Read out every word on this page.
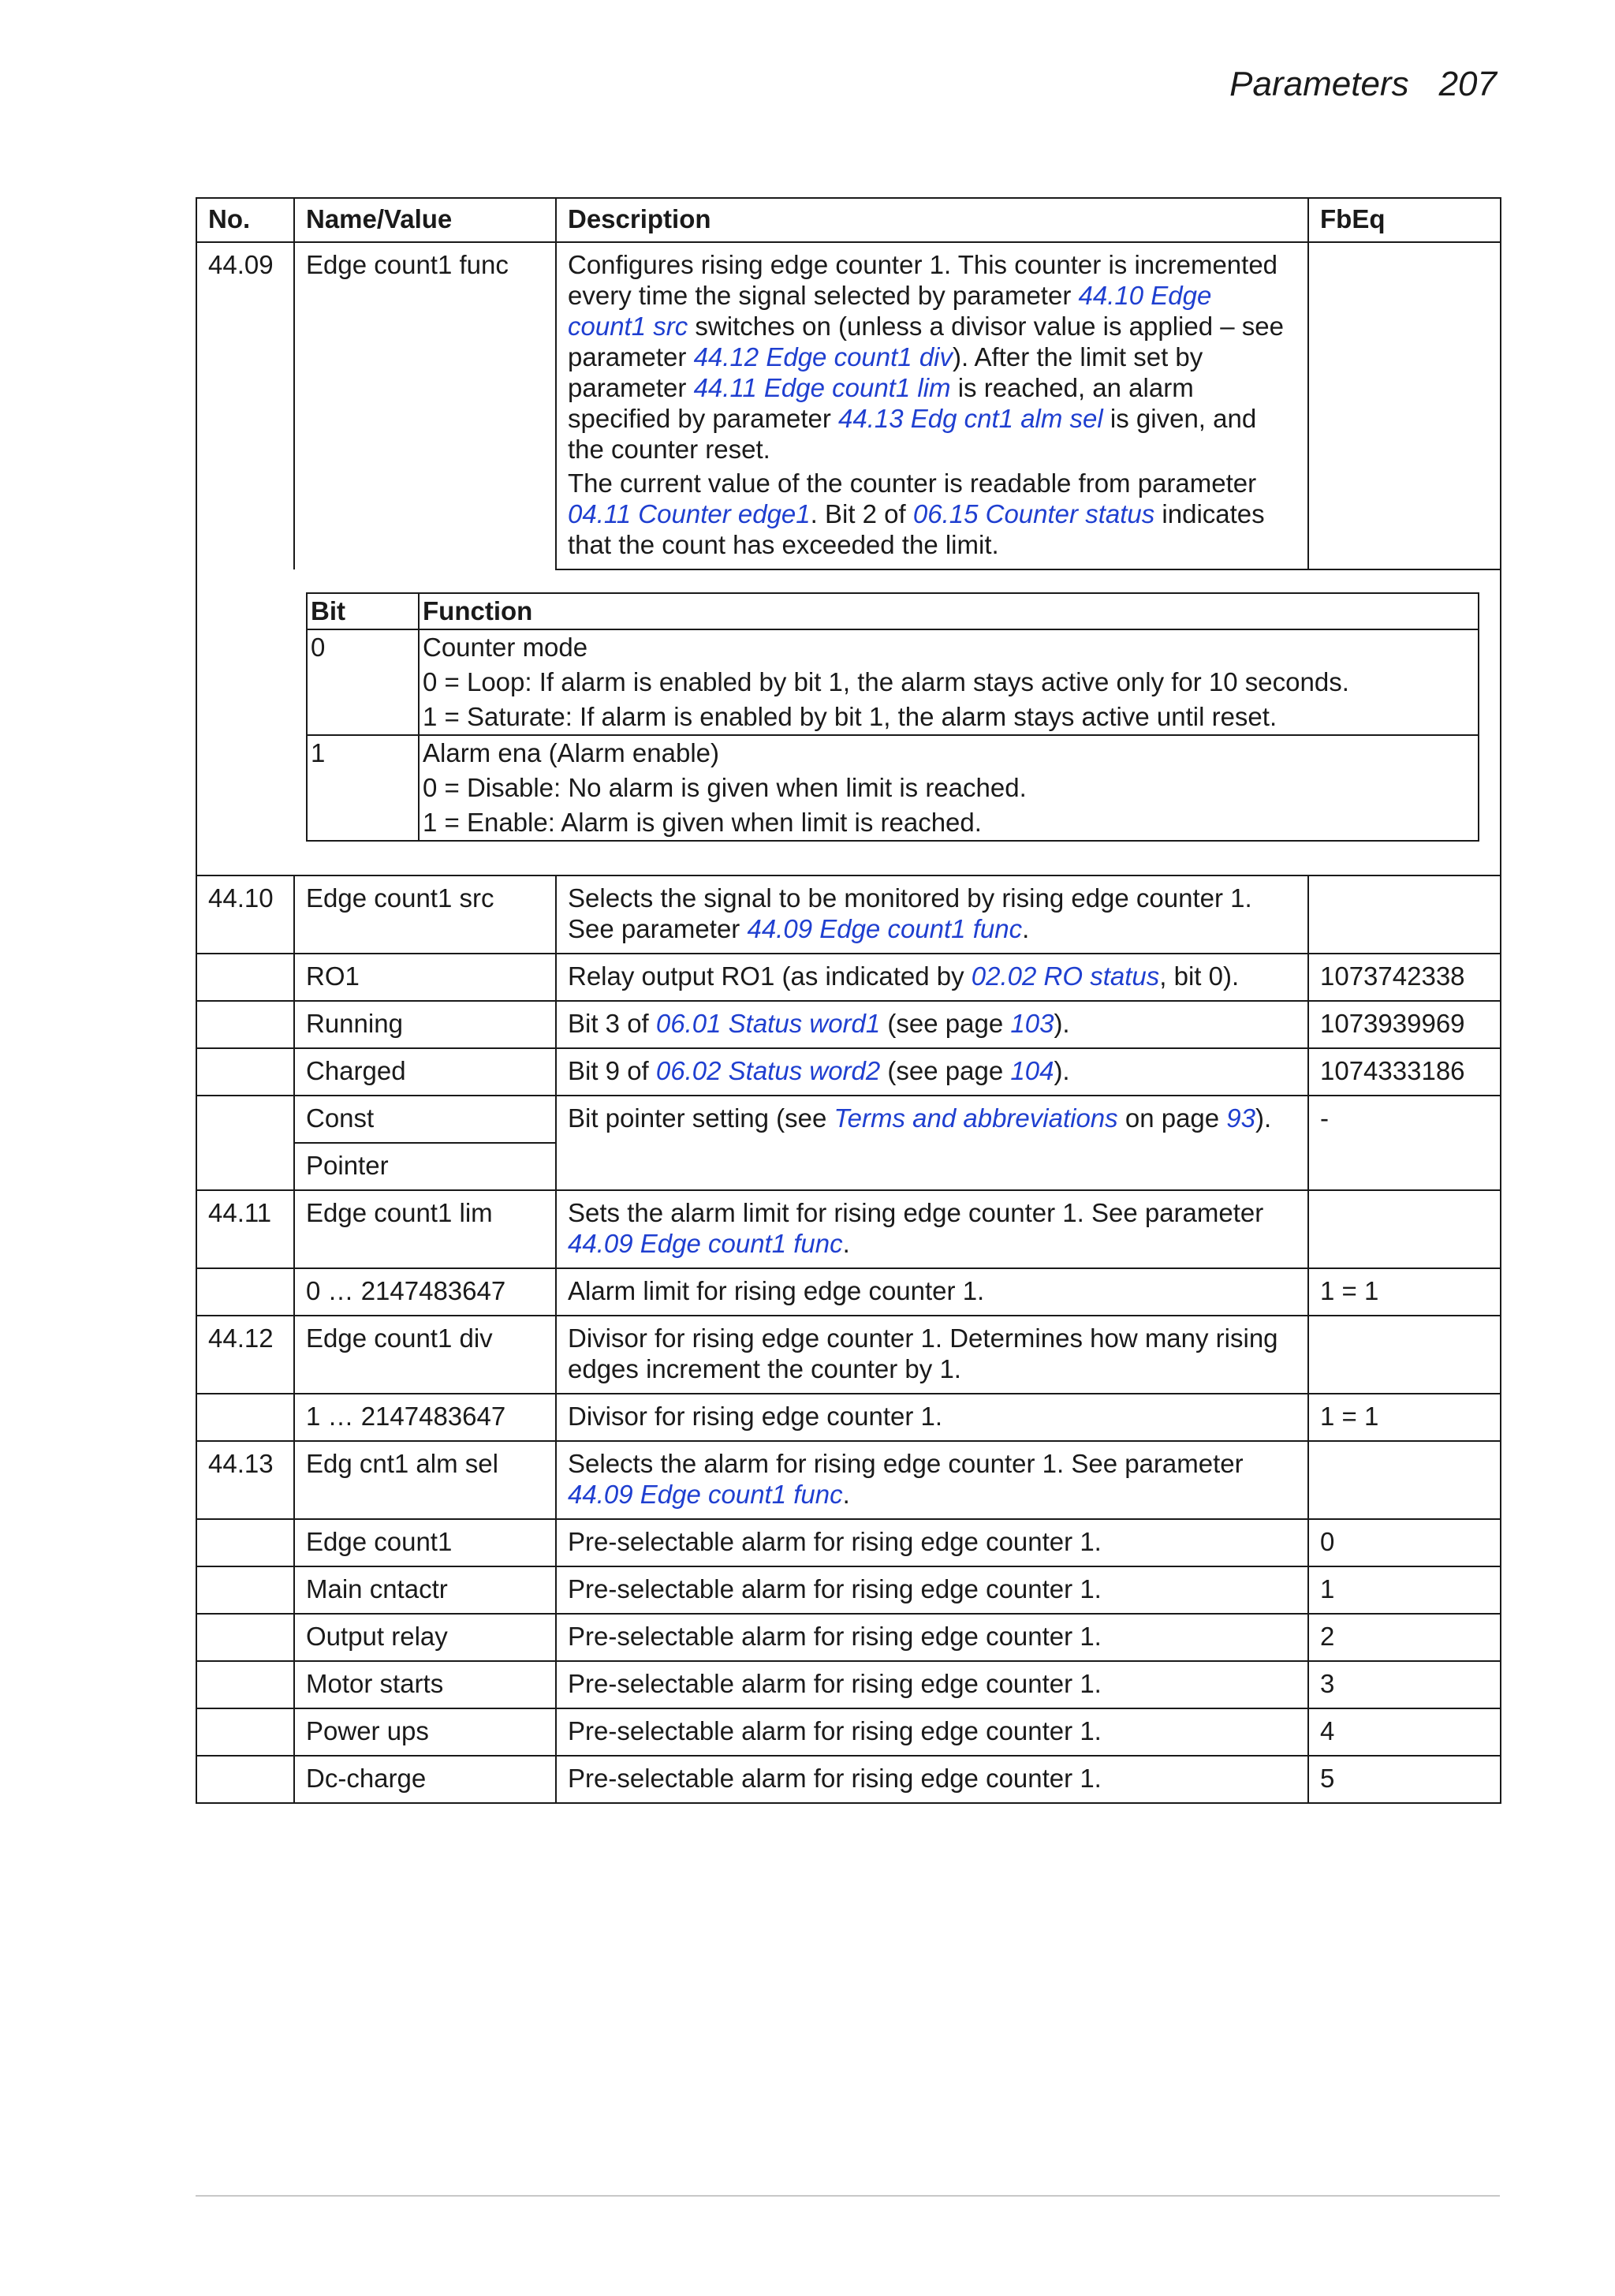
Parameters 207
No.	Name/Value	Description	FbEq
44.09	Edge count1 func	Configures rising edge counter 1. This counter is incremented every time the signal selected by parameter 44.10 Edge count1 src switches on (unless a divisor value is applied – see parameter 44.12 Edge count1 div). After the limit set by parameter 44.11 Edge count1 lim is reached, an alarm specified by parameter 44.13 Edg cnt1 alm sel is given, and the counter reset.

The current value of the counter is readable from parameter 04.11 Counter edge1. Bit 2 of 06.15 Counter status indicates that the count has exceeded the limit.

Bit	Function
0	Counter mode
0 = Loop: If alarm is enabled by bit 1, the alarm stays active only for 10 seconds.
1 = Saturate: If alarm is enabled by bit 1, the alarm stays active until reset.

1	Alarm ena (Alarm enable)
0 = Disable: No alarm is given when limit is reached.
1 = Enable: Alarm is given when limit is reached.

44.10	Edge count1 src	Selects the signal to be monitored by rising edge counter 1. See parameter 44.09 Edge count1 func.	
	RO1	Relay output RO1 (as indicated by 02.02 RO status, bit 0).	1073742338
	Running	Bit 3 of 06.01 Status word1 (see page 103).	1073939969
	Charged	Bit 9 of 06.02 Status word2 (see page 104).	1074333186
	Const	Bit pointer setting (see Terms and abbreviations on page 93).	-
	Pointer		
44.11	Edge count1 lim	Sets the alarm limit for rising edge counter 1. See parameter 44.09 Edge count1 func.	
	0 … 2147483647	Alarm limit for rising edge counter 1.	1 = 1
44.12	Edge count1 div	Divisor for rising edge counter 1. Determines how many rising edges increment the counter by 1.	
	1 … 2147483647	Divisor for rising edge counter 1.	1 = 1
44.13	Edg cnt1 alm sel	Selects the alarm for rising edge counter 1. See parameter 44.09 Edge count1 func.	
	Edge count1	Pre-selectable alarm for rising edge counter 1.	0
	Main cntactr	Pre-selectable alarm for rising edge counter 1.	1
	Output relay	Pre-selectable alarm for rising edge counter 1.	2
	Motor starts	Pre-selectable alarm for rising edge counter 1.	3
	Power ups	Pre-selectable alarm for rising edge counter 1.	4
	Dc-charge	Pre-selectable alarm for rising edge counter 1.	5
